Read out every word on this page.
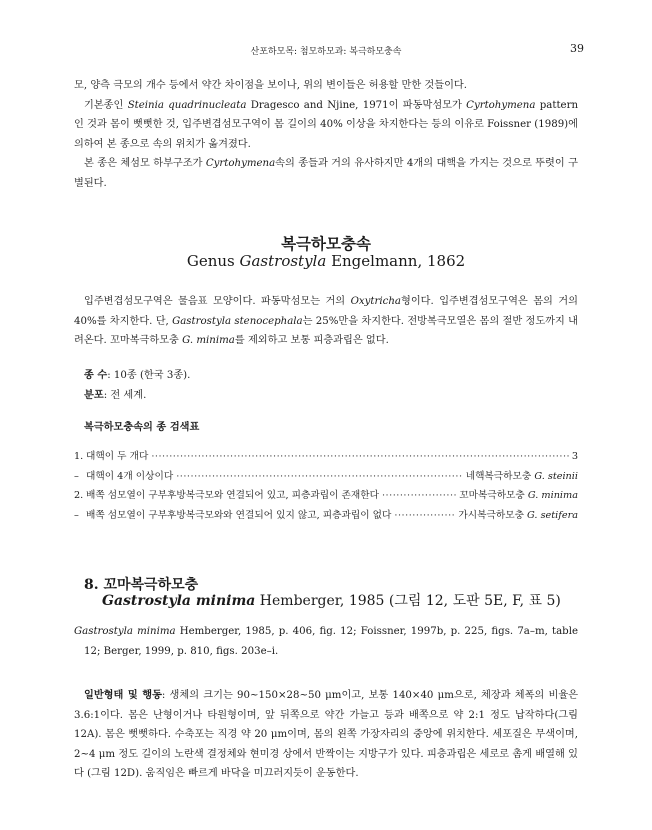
산포하모목: 첨모하모과: 복극하모충속	39

모, 양측 극모의 개수 등에서 약간 차이점을 보이나, 위의 변이들은 허용할 만한 것들이다.

기본종인 Steinia quadrinucleata Dragesco and Njine, 1971이 파동막섬모가 Cyrtohymena pattern인 것과 몸이 뻣뻣한 것, 입주변겹섬모구역이 몸 길이의 40% 이상을 차지한다는 등의 이유로 Foissner (1989)에 의하여 본 종으로 속의 위치가 옮겨졌다.

본 종은 체섬모 하부구조가 Cyrtohymena속의 종들과 거의 유사하지만 4개의 대핵을 가지는 것으로 뚜렷이 구별된다.

복극하모충속
Genus Gastrostyla Engelmann, 1862

입주변겹섬모구역은 물음표 모양이다. 파동막섬모는 거의 Oxytricha형이다. 입주변겹섬모구역은 몸의 거의 40%를 차지한다. 단, Gastrostyla stenocephala는 25%만을 차지한다. 전방복극모열은 몸의 절반 정도까지 내려온다. 꼬마복극하모충 G. minima를 제외하고 보통 피층과립은 없다.

종 수: 10종 (한국 3종).

분포: 전 세계.

복극하모충속의 종 검색표
1. 대핵이 두 개다 ·····	3
– 대핵이 4개 이상이다 ·····	네핵복극하모충 G. steinii
2. 배쪽 섬모열이 구부후방복극모와 연결되어 있고, 피층과립이 존재한다 ·····	꼬마복극하모충 G. minima
– 배쪽 섬모열이 구부후방복극모와와 연결되어 있지 않고, 피층과립이 없다 ·····	가시복극하모충 G. setifera
8. 꼬마복극하모충
Gastrostyla minima Hemberger, 1985 (그림 12, 도판 5E, F, 표 5)

Gastrostyla minima Hemberger, 1985, p. 406, fig. 12; Foissner, 1997b, p. 225, figs. 7a–m, table 12; Berger, 1999, p. 810, figs. 203e–i.

일반형태 및 행동: 생체의 크기는 90~150×28~50 μm이고, 보통 140×40 μm으로, 체장과 체폭의 비율은 3.6:1이다. 몸은 난형이거나 타원형이며, 앞 뒤쪽으로 약간 가늘고 등과 배쪽으로 약 2:1 정도 납작하다(그림 12A). 몸은 뻣뻣하다. 수축포는 직경 약 20 μm이며, 몸의 왼쪽 가장자리의 중앙에 위치한다. 세포질은 무색이며, 2~4 μm 정도 길이의 노란색 결정체와 현미경 상에서 반짝이는 지방구가 있다. 피층과립은 세로로 촘게 배열해 있다 (그림 12D). 움직임은 빠르게 바닥을 미끄러지듯이 운동한다.
